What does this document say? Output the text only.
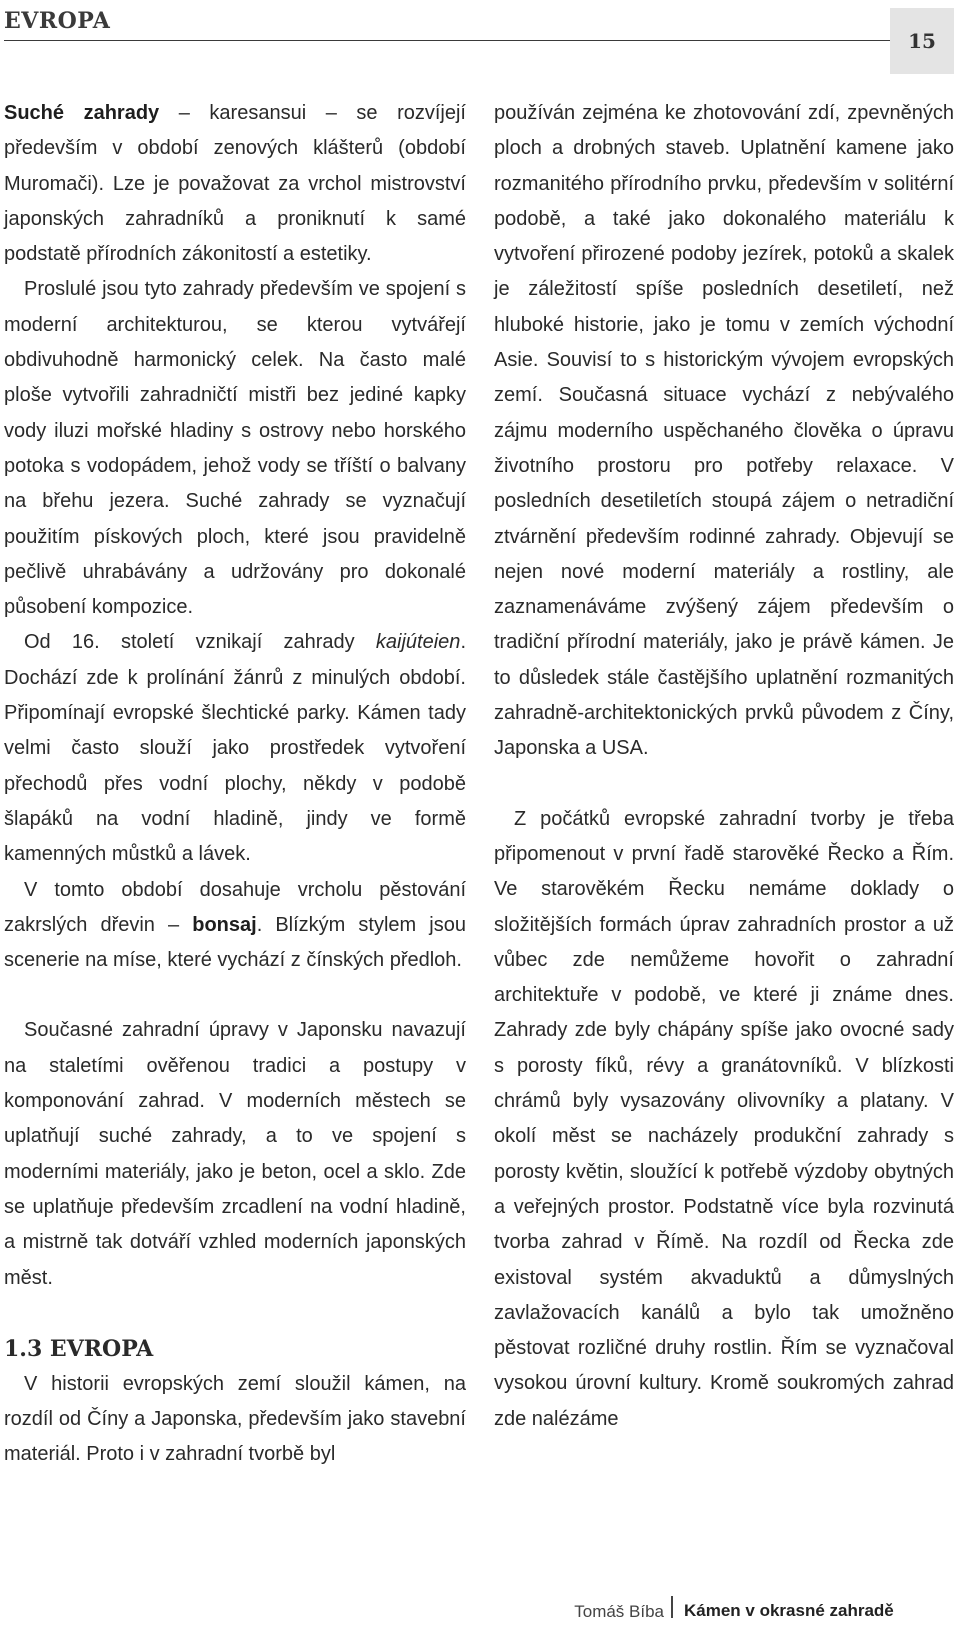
EVROPA
15

Suché zahrady – karesansui – se rozvíjejí především v období zenových klášterů (období Muromači). Lze je považovat za vrchol mistrovství japonských zahradníků a proniknutí k samé podstatě přírodních zákonitostí a estetiky.

Proslulé jsou tyto zahrady především ve spojení s moderní architekturou, se kterou vytvářejí obdivuhodně harmonický celek. Na často malé ploše vytvořili zahradničtí mistři bez jediné kapky vody iluzi mořské hladiny s ostrovy nebo horského potoka s vodopádem, jehož vody se tříští o balvany na břehu jezera. Suché zahrady se vyznačují použitím pískových ploch, které jsou pravidelně pečlivě uhrabávány a udržovány pro dokonalé působení kompozice.

Od 16. století vznikají zahrady kaijúteien. Dochází zde k prolínání žánrů z minulých období. Připomínají evropské šlechtické parky. Kámen tady velmi často slouží jako prostředek vytvoření přechodů přes vodní plochy, někdy v podobě šlapáků na vodní hladině, jindy ve formě kamenných můstků a lávek.

V tomto období dosahuje vrcholu pěstování zakrslých dřevin – bonsaj. Blízkým stylem jsou scenerie na míse, které vychází z čínských předloh.

Současné zahradní úpravy v Japonsku navazují na staletími ověřenou tradici a postupy v komponování zahrad. V moderních městech se uplatňují suché zahrady, a to ve spojení s moderními materiály, jako je beton, ocel a sklo. Zde se uplatňuje především zrcadlení na vodní hladině, a mistrně tak dotváří vzhled moderních japonských měst.

1.3 EVROPA

V historii evropských zemí sloužil kámen, na rozdíl od Číny a Japonska, především jako stavební materiál. Proto i v zahradní tvorbě byl

používán zejména ke zhotovování zdí, zpevněných ploch a drobných staveb. Uplatnění kamene jako rozmanitého přírodního prvku, především v solitérní podobě, a také jako dokonalého materiálu k vytvoření přirozené podoby jezírek, potoků a skalek je záležitostí spíše posledních desetiletí, než hluboké historie, jako je tomu v zemích východní Asie. Souvisí to s historickým vývojem evropských zemí. Současná situace vychází z nebývalého zájmu moderního uspěchaného člověka o úpravu životního prostoru pro potřeby relaxace. V posledních desetiletích stoupá zájem o netradiční ztvárnění především rodinné zahrady. Objevují se nejen nové moderní materiály a rostliny, ale zaznamenáváme zvýšený zájem především o tradiční přírodní materiály, jako je právě kámen. Je to důsledek stále častějšího uplatnění rozmanitých zahradně-architektonických prvků původem z Číny, Japonska a USA.

Z počátků evropské zahradní tvorby je třeba připomenout v první řadě starověké Řecko a Řím. Ve starověkém Řecku nemáme doklady o složitějších formách úprav zahradních prostor a už vůbec zde nemůžeme hovořit o zahradní architektuře v podobě, ve které ji známe dnes. Zahrady zde byly chápány spíše jako ovocné sady s porosty fíků, révy a granátovníků. V blízkosti chrámů byly vysazovány olivovníky a platany. V okolí měst se nacházely produkční zahrady s porosty květin, sloužící k potřebě výzdoby obytných a veřejných prostor. Podstatně více byla rozvinutá tvorba zahrad v Římě. Na rozdíl od Řecka zde existoval systém akvaduktů a důmyslných zavlažovacích kanálů a bylo tak umožněno pěstovat rozličné druhy rostlin. Řím se vyznačoval vysokou úrovní kultury. Kromě soukromých zahrad zde nalézáme

Tomáš Bíba Kámen v okrasné zahradě
